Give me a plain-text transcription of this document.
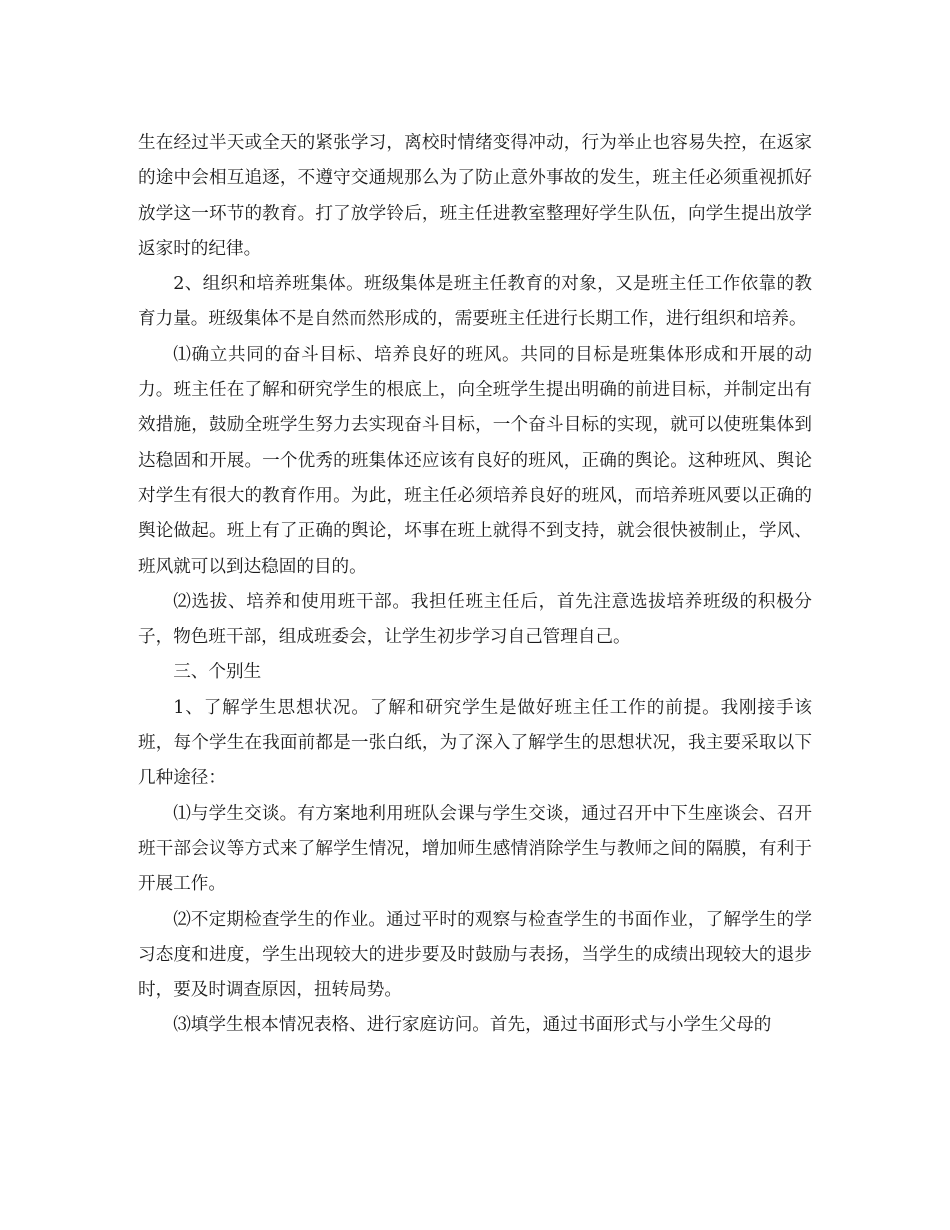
生在经过半天或全天的紧张学习，离校时情绪变得冲动，行为举止也容易失控，在返家的途中会相互追逐，不遵守交通规那么为了防止意外事故的发生，班主任必须重视抓好放学这一环节的教育。打了放学铃后，班主任进教室整理好学生队伍，向学生提出放学返家时的纪律。

2、组织和培养班集体。班级集体是班主任教育的对象，又是班主任工作依靠的教育力量。班级集体不是自然而然形成的，需要班主任进行长期工作，进行组织和培养。

⑴确立共同的奋斗目标、培养良好的班风。共同的目标是班集体形成和开展的动力。班主任在了解和研究学生的根底上，向全班学生提出明确的前进目标，并制定出有效措施，鼓励全班学生努力去实现奋斗目标，一个奋斗目标的实现，就可以使班集体到达稳固和开展。一个优秀的班集体还应该有良好的班风，正确的舆论。这种班风、舆论对学生有很大的教育作用。为此，班主任必须培养良好的班风，而培养班风要以正确的舆论做起。班上有了正确的舆论，坏事在班上就得不到支持，就会很快被制止，学风、班风就可以到达稳固的目的。

⑵选拔、培养和使用班干部。我担任班主任后，首先注意选拔培养班级的积极分子，物色班干部，组成班委会，让学生初步学习自己管理自己。

三、个别生

1、了解学生思想状况。了解和研究学生是做好班主任工作的前提。我刚接手该班，每个学生在我面前都是一张白纸，为了深入了解学生的思想状况，我主要采取以下几种途径：

⑴与学生交谈。有方案地利用班队会课与学生交谈，通过召开中下生座谈会、召开班干部会议等方式来了解学生情况，增加师生感情消除学生与教师之间的隔膜，有利于开展工作。

⑵不定期检查学生的作业。通过平时的观察与检查学生的书面作业，了解学生的学习态度和进度，学生出现较大的进步要及时鼓励与表扬，当学生的成绩出现较大的退步时，要及时调查原因，扭转局势。

⑶填学生根本情况表格、进行家庭访问。首先，通过书面形式与小学生父母的
